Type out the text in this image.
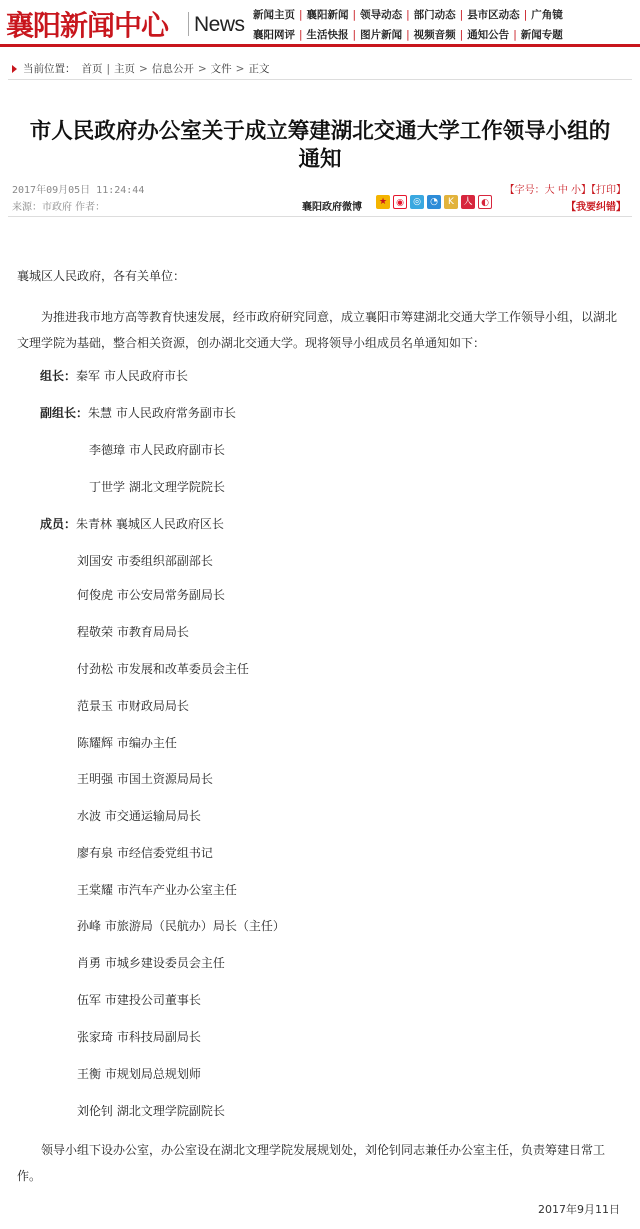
襄阳新闻中心 News 新闻主页 | 襄阳新闻 | 领导动态 | 部门动态 | 县市区动态 | 广角镜
襄阳网评 | 生活快报 | 图片新闻 | 视频音频 | 通知公告 | 新闻专题
当前位置： 首页 | 主页 > 信息公开 > 文件 > 正文
市人民政府办公室关于成立筹建湖北交通大学工作领导小组的
通知
2017年09月05日 11:24:44
来源：市政府 作者：
【字号：大 中 小】【打印】
襄阳政府微博	★	◉	◎	◔	K	人 ◐	【我要纠错】
襄城区人民政府，各有关单位：
为推进我市地方高等教育快速发展，经市政府研究同意，成立襄阳市筹建湖北交通大学工作领导小组，以湖北文理学院为基础，整合相关资源，创办湖北交通大学。现将领导小组成员名单通知如下：
组长：秦军 市人民政府市长
副组长：朱慧 市人民政府常务副市长
李德璋 市人民政府副市长
丁世学 湖北文理学院院长
成员：朱青林 襄城区人民政府区长
刘国安 市委组织部副部长
何俊虎 市公安局常务副局长
程敬荣 市教育局局长
付劲松 市发展和改革委员会主任
范景玉 市财政局局长
陈耀辉 市编办主任
王明强 市国土资源局局长
水波 市交通运输局局长
廖有泉 市经信委党组书记
王棠耀 市汽车产业办公室主任
孙峰 市旅游局（民航办）局长（主任）
肖勇 市城乡建设委员会主任
伍军 市建投公司董事长
张家琦 市科技局副局长
王衡 市规划局总规划师
刘伦钊 湖北文理学院副院长
领导小组下设办公室，办公室设在湖北文理学院发展规划处，刘伦钊同志兼任办公室主任，负责筹建日常工作。
2017年9月11日
